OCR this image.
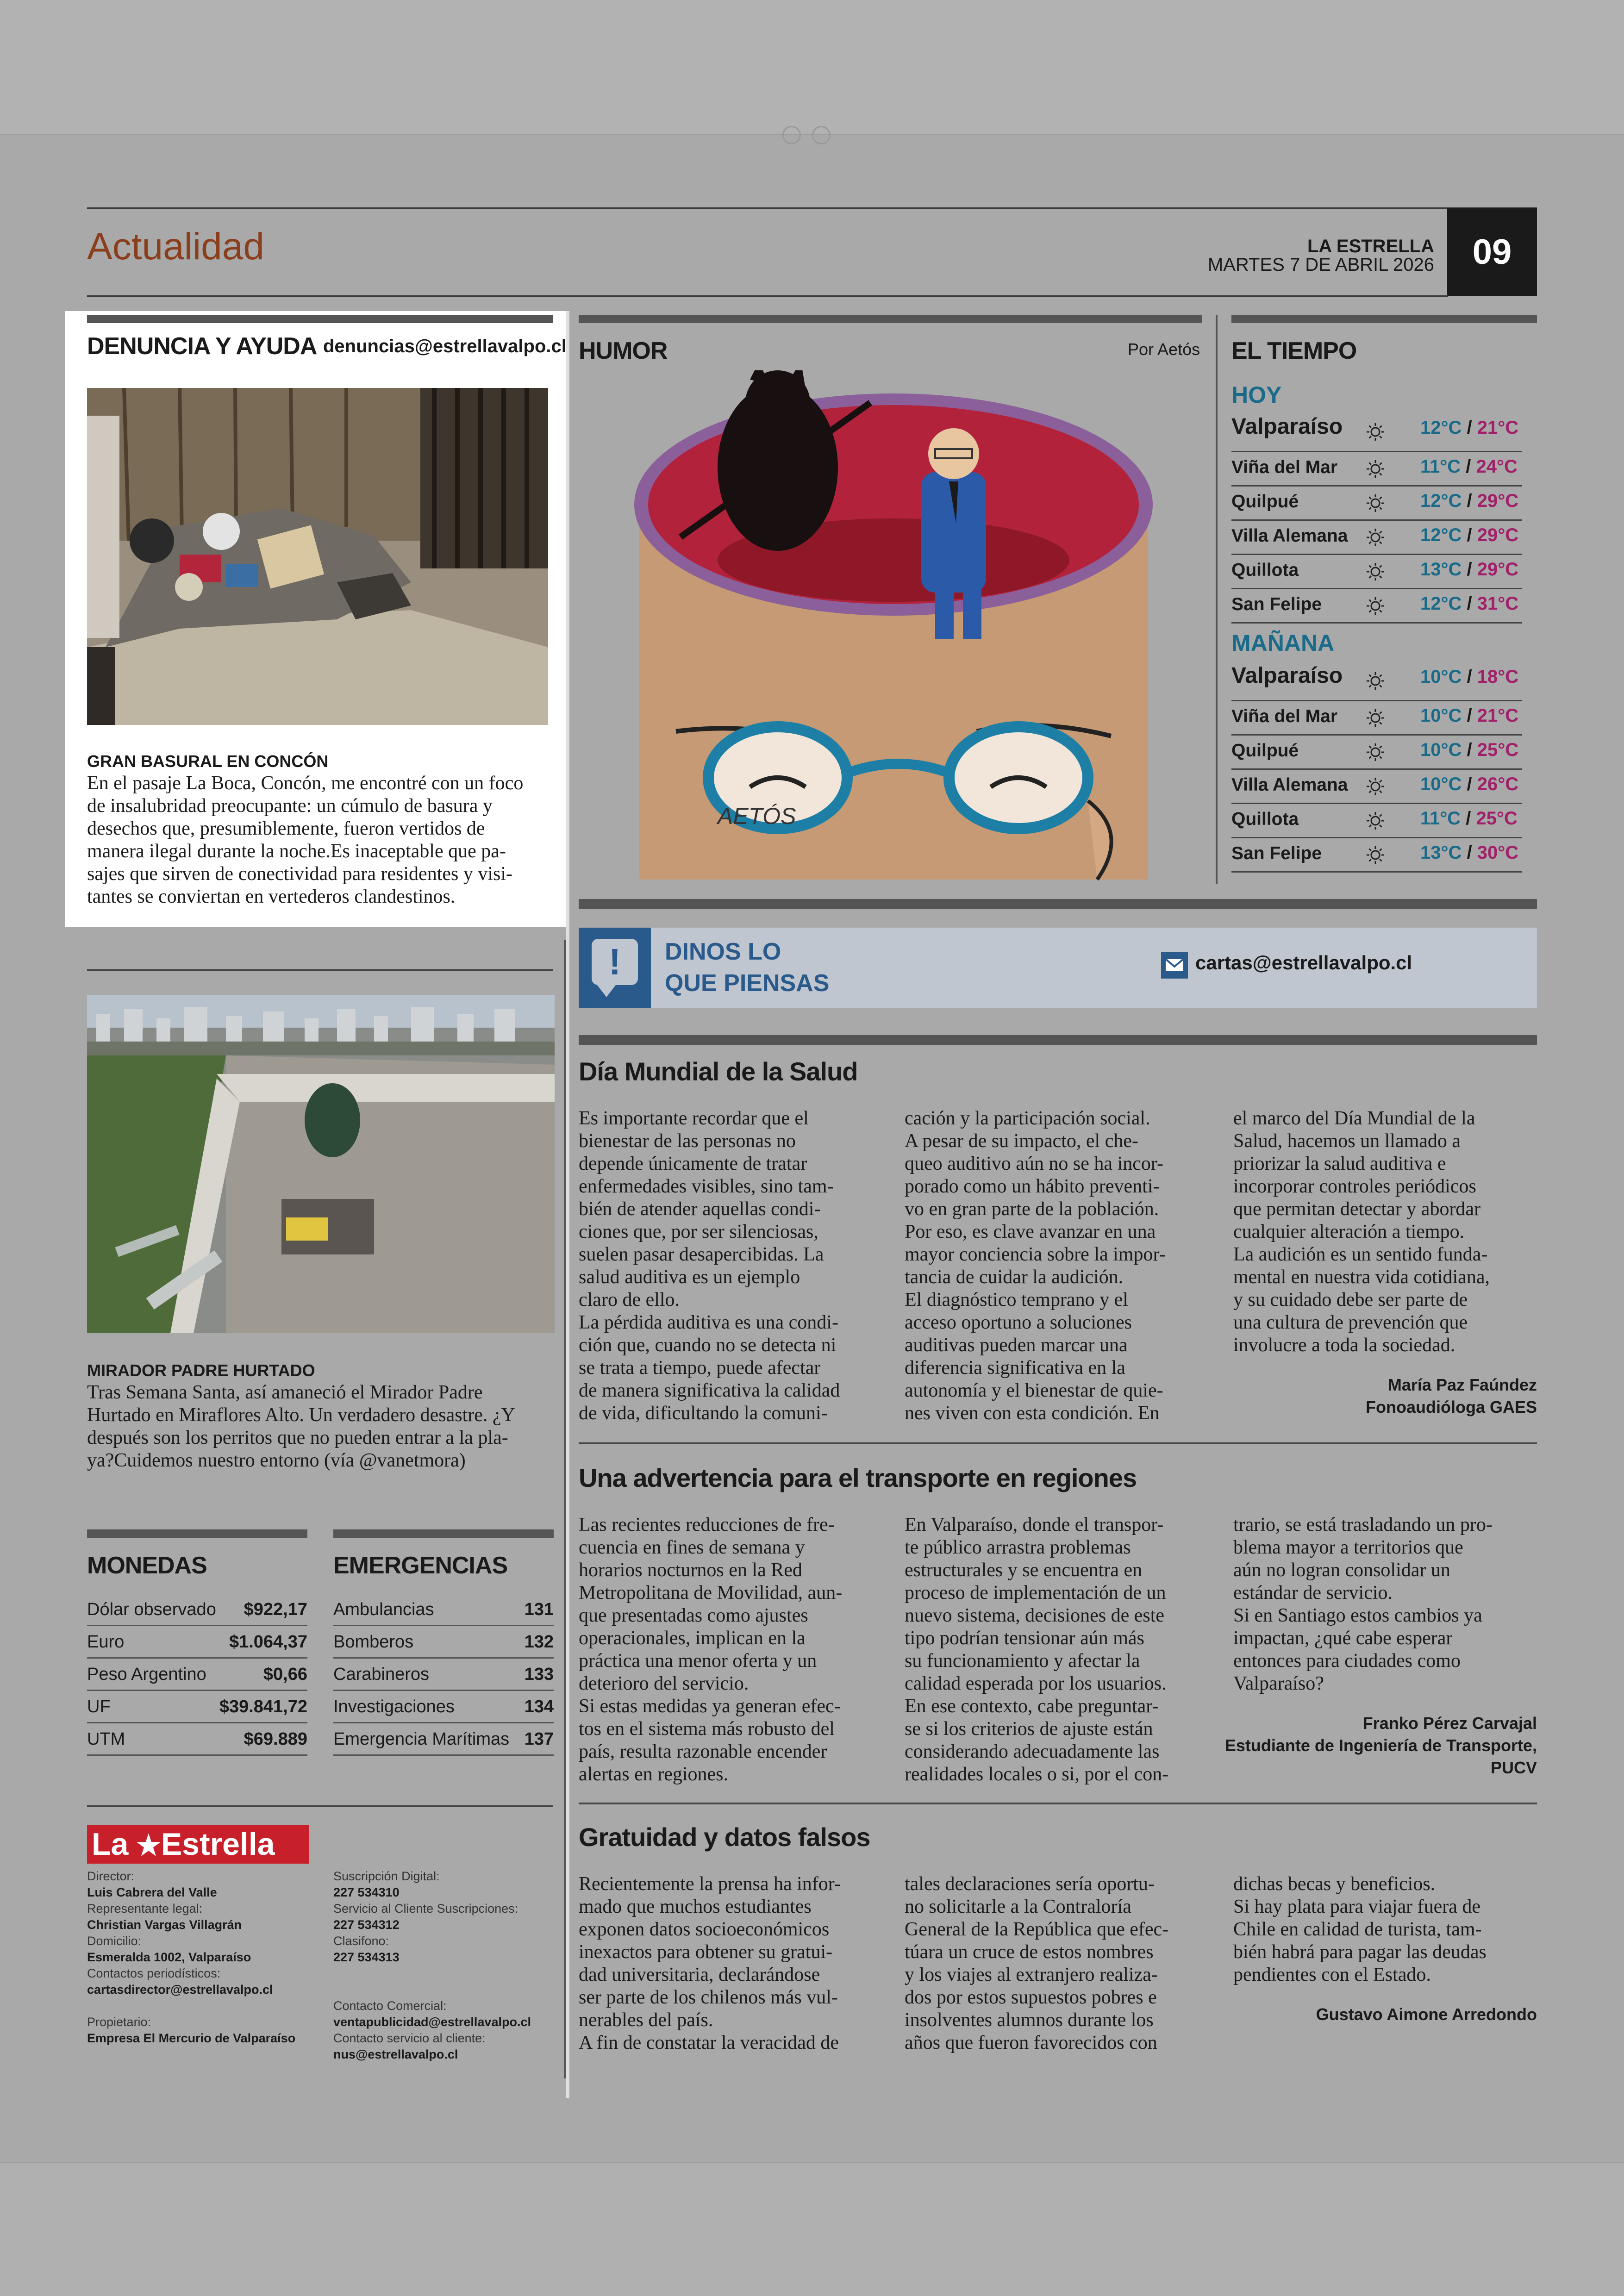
Actualidad	LA ESTRELLA
MARTES 7 DE ABRIL 2026	09
DENUNCIA Y AYUDA denuncias@estrellavalpo.cl
GRAN BASURAL EN CONCÓN
En el pasaje La Boca, Concón, me encontré con un foco
de insalubridad preocupante: un cúmulo de basura y
desechos que, presumiblemente, fueron vertidos de
manera ilegal durante la noche.Es inaceptable que pa-
sajes que sirven de conectividad para residentes y visi-
tantes se conviertan en vertederos clandestinos.
MIRADOR PADRE HURTADO
Tras Semana Santa, así amaneció el Mirador Padre
Hurtado en Miraflores Alto. Un verdadero desastre. ¿Y
después son los perritos que no pueden entrar a la pla-
ya?Cuidemos nuestro entorno (vía @vanetmora)
MONEDAS
Dólar observado $922,17
Euro	$1.064,37
Peso Argentino	$0,66
UF	$39.841,72
UTM	$69.889
EMERGENCIAS
Ambulancias	131
Bomberos	132
Carabineros	133
Investigaciones	134
Emergencia Marítimas 137
La ★Estrella
Director:
Luis Cabrera del Valle
Representante legal:
Christian Vargas Villagrán
Domicilio:
Esmeralda 1002, Valparaíso
Contactos periodísticos:
cartasdirector@estrellavalpo.cl
Propietario:
Empresa El Mercurio de Valparaíso
Suscripción Digital:
227 534310
Servicio al Cliente Suscripciones:
227 534312
Clasifono:
227 534313
Contacto Comercial:
ventapublicidad@estrellavalpo.cl
Contacto servicio al cliente:
nus@estrellavalpo.cl
HUMOR	Por Aetós
AETÓS
EL TIEMPO
HOY
Valparaíso	12°C / 21°C
Viña del Mar	11°C / 24°C
Quilpué	12°C / 29°C
Villa Alemana	12°C / 29°C
Quillota	13°C / 29°C
San Felipe	12°C / 31°C
MAÑANA
Valparaíso	10°C / 18°C
Viña del Mar	10°C / 21°C
Quilpué	10°C / 25°C
Villa Alemana	10°C / 26°C
Quillota	11°C / 25°C
San Felipe	13°C / 30°C
!	DINOS LO
QUE PIENSAS
cartas@estrellavalpo.cl
Día Mundial de la Salud
Es importante recordar que el
bienestar de las personas no
depende únicamente de tratar
enfermedades visibles, sino tam-
bién de atender aquellas condi-
ciones que, por ser silenciosas,
suelen pasar desapercibidas. La
salud auditiva es un ejemplo
claro de ello.
La pérdida auditiva es una condi-
ción que, cuando no se detecta ni
se trata a tiempo, puede afectar
de manera significativa la calidad
de vida, dificultando la comuni-
cación y la participación social.
A pesar de su impacto, el che-
queo auditivo aún no se ha incor-
porado como un hábito preventi-
vo en gran parte de la población.
Por eso, es clave avanzar en una
mayor conciencia sobre la impor-
tancia de cuidar la audición.
El diagnóstico temprano y el
acceso oportuno a soluciones
auditivas pueden marcar una
diferencia significativa en la
autonomía y el bienestar de quie-
nes viven con esta condición. En
el marco del Día Mundial de la
Salud, hacemos un llamado a
priorizar la salud auditiva e
incorporar controles periódicos
que permitan detectar y abordar
cualquier alteración a tiempo.
La audición es un sentido funda-
mental en nuestra vida cotidiana,
y su cuidado debe ser parte de
una cultura de prevención que
involucre a toda la sociedad.
María Paz Faúndez
Fonoaudióloga GAES
Una advertencia para el transporte en regiones
Las recientes reducciones de fre-
cuencia en fines de semana y
horarios nocturnos en la Red
Metropolitana de Movilidad, aun-
que presentadas como ajustes
operacionales, implican en la
práctica una menor oferta y un
deterioro del servicio.
Si estas medidas ya generan efec-
tos en el sistema más robusto del
país, resulta razonable encender
alertas en regiones.
En Valparaíso, donde el transpor-
te público arrastra problemas
estructurales y se encuentra en
proceso de implementación de un
nuevo sistema, decisiones de este
tipo podrían tensionar aún más
su funcionamiento y afectar la
calidad esperada por los usuarios.
En ese contexto, cabe preguntar-
se si los criterios de ajuste están
considerando adecuadamente las
realidades locales o si, por el con-
trario, se está trasladando un pro-
blema mayor a territorios que
aún no logran consolidar un
estándar de servicio.
Si en Santiago estos cambios ya
impactan, ¿qué cabe esperar
entonces para ciudades como
Valparaíso?
Franko Pérez Carvajal
Estudiante de Ingeniería de Transporte,
PUCV
Gratuidad y datos falsos
Recientemente la prensa ha infor-
mado que muchos estudiantes
exponen datos socioeconómicos
inexactos para obtener su gratui-
dad universitaria, declarándose
ser parte de los chilenos más vul-
nerables del país.
A fin de constatar la veracidad de
tales declaraciones sería oportu-
no solicitarle a la Contraloría
General de la República que efec-
túara un cruce de estos nombres
y los viajes al extranjero realiza-
dos por estos supuestos pobres e
insolventes alumnos durante los
años que fueron favorecidos con
dichas becas y beneficios.
Si hay plata para viajar fuera de
Chile en calidad de turista, tam-
bién habrá para pagar las deudas
pendientes con el Estado.
Gustavo Aimone Arredondo
